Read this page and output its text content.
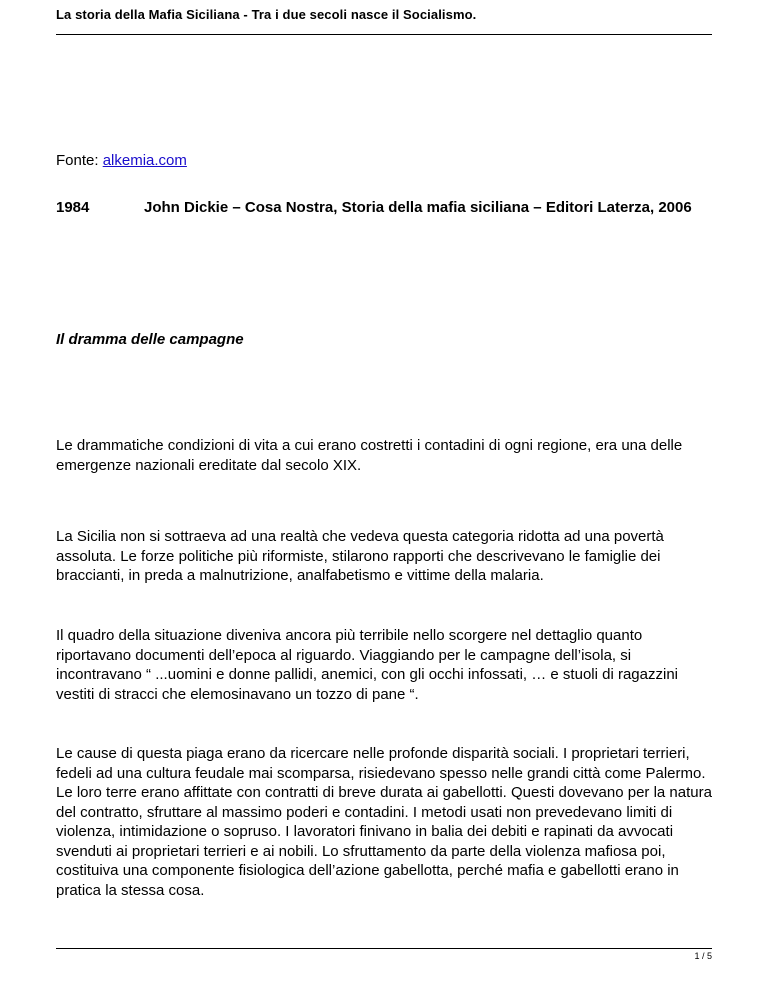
La storia della Mafia Siciliana - Tra i due secoli nasce il Socialismo.
Fonte: alkemia.com
1984	John Dickie – Cosa Nostra, Storia della mafia siciliana – Editori Laterza, 2006
Il dramma delle campagne

Le drammatiche condizioni di vita a cui erano costretti i contadini di ogni regione, era una delle emergenze nazionali ereditate dal secolo XIX.

La Sicilia non si sottraeva ad una realtà che vedeva questa categoria ridotta ad una povertà assoluta. Le forze politiche più riformiste, stilarono rapporti che descrivevano le famiglie dei braccianti, in preda a malnutrizione, analfabetismo e vittime della malaria.

Il quadro della situazione diveniva ancora più terribile nello scorgere nel dettaglio quanto riportavano documenti dell’epoca al riguardo. Viaggiando per le campagne dell’isola, si incontravano “ ...uomini e donne pallidi, anemici, con gli occhi infossati, … e stuoli di ragazzini vestiti di stracci che elemosinavano un tozzo di pane “.

Le cause di questa piaga erano da ricercare nelle profonde disparità sociali. I proprietari terrieri, fedeli ad una cultura feudale mai scomparsa, risiedevano spesso nelle grandi città come Palermo. Le loro terre erano affittate con contratti di breve durata ai gabellotti. Questi dovevano per la natura del contratto, sfruttare al massimo poderi e contadini. I metodi usati non prevedevano limiti di violenza, intimidazione o sopruso. I lavoratori finivano in balia dei debiti e rapinati da avvocati svenduti ai proprietari terrieri e ai nobili. Lo sfruttamento da parte della violenza mafiosa poi, costituiva una componente fisiologica dell’azione gabellotta, perché mafia e gabellotti erano in pratica la stessa cosa.

1 / 5
